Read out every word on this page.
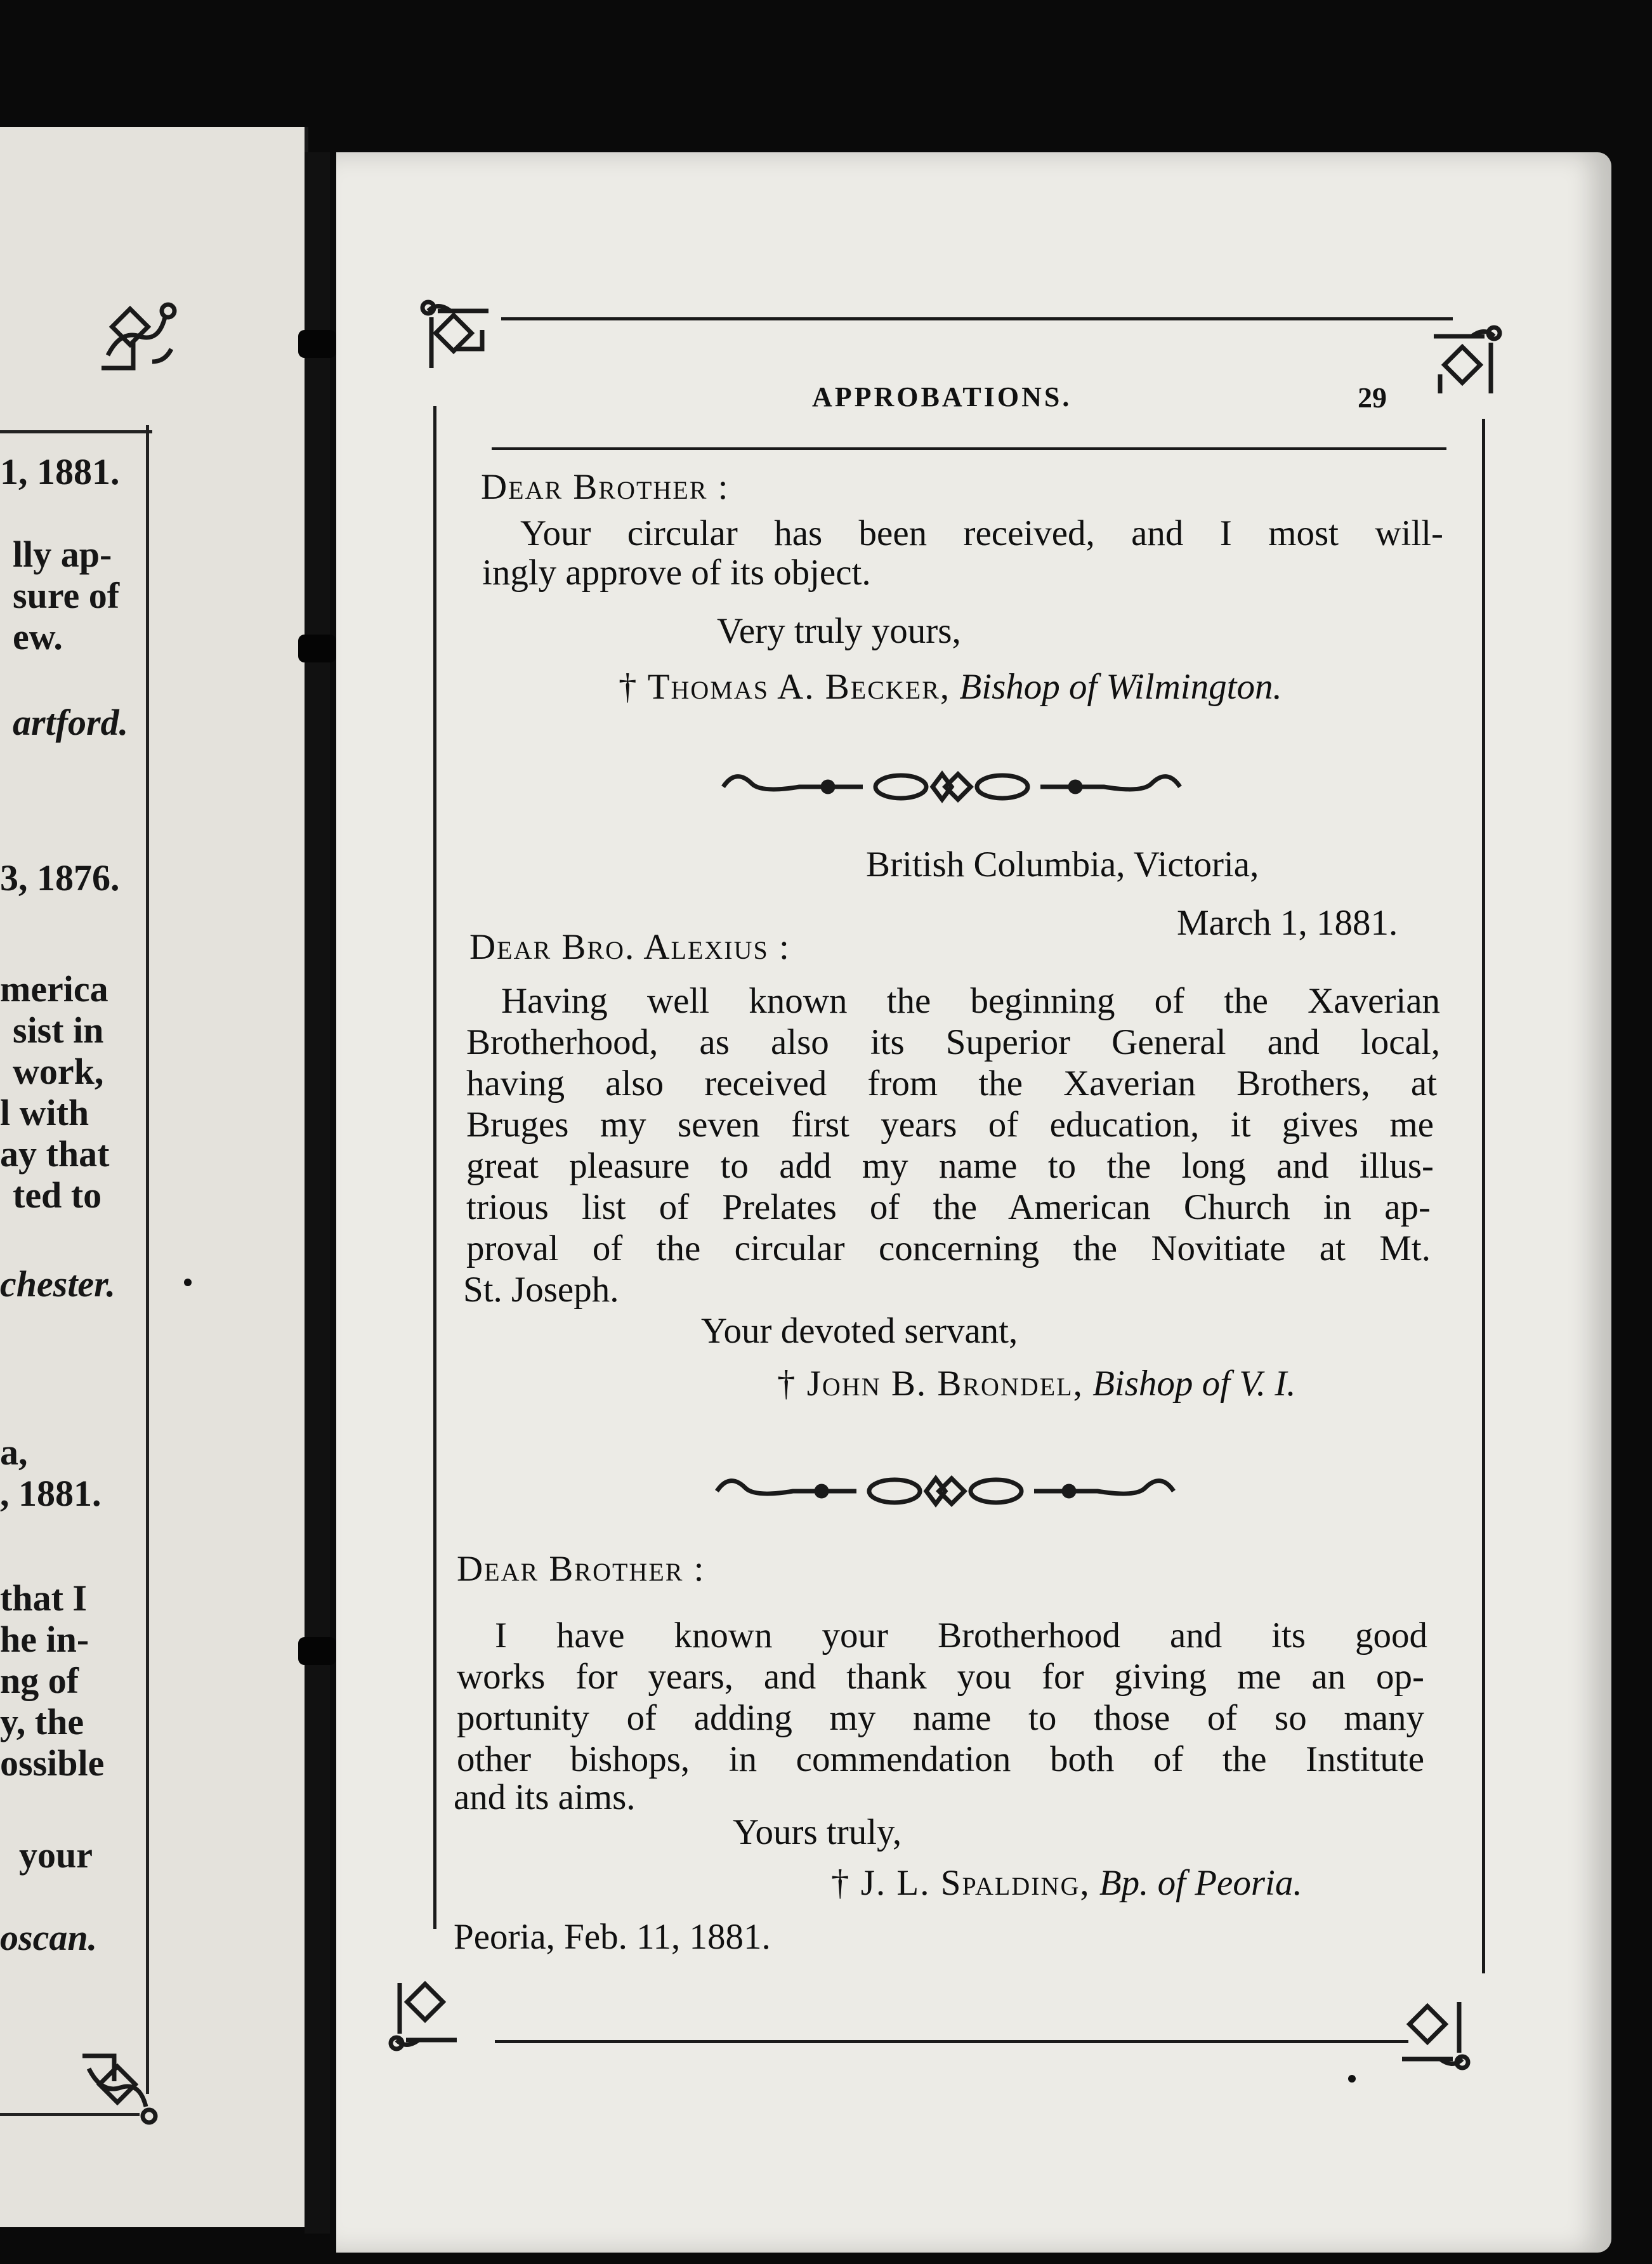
1, 1881.
lly ap-
sure of
ew.
artford.
3, 1876.
merica
sist in
work,
l with
ay that
ted to
chester.
a,
, 1881.
that I
he in-
ng of
y, the
ossible
your
oscan.
APPROBATIONS.	29
Dear Brother :
Your circular has been received, and I most will-
ingly approve of its object.
Very truly yours,
† Thomas A. Becker, Bishop of Wilmington.
British Columbia, Victoria,
March 1, 1881.
Dear Bro. Alexius :
Having well known the beginning of the Xaverian
Brotherhood, as also its Superior General and local,
having also received from the Xaverian Brothers, at
Bruges my seven first years of education, it gives me
great pleasure to add my name to the long and illus-
trious list of Prelates of the American Church in ap-
proval of the circular concerning the Novitiate at Mt.
St. Joseph.
Your devoted servant,
† John B. Brondel, Bishop of V. I.
Dear Brother :
I have known your Brotherhood and its good
works for years, and thank you for giving me an op-
portunity of adding my name to those of so many
other bishops, in commendation both of the Institute
and its aims.
Yours truly,
† J. L. Spalding, Bp. of Peoria.
Peoria, Feb. 11, 1881.
